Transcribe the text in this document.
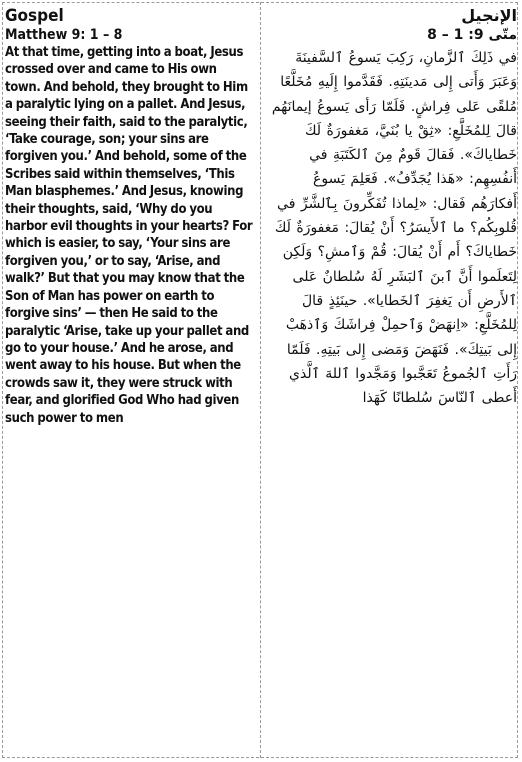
Gospel
Matthew 9: 1 – 8

At that time, getting into a boat, Jesus crossed over and came to His own town. And behold, they brought to Him a paralytic lying on a pallet. And Jesus, seeing their faith, said to the paralytic, ‘Take courage, son; your sins are forgiven you.’ And behold, some of the Scribes said within themselves, ‘This Man blasphemes.’ And Jesus, knowing their thoughts, said, ‘Why do you harbor evil thoughts in your hearts? For which is easier, to say, ‘Your sins are forgiven you,’ or to say, ‘Arise, and walk?’ But that you may know that the Son of Man has power on earth to forgive sins’ — then He said to the paralytic ‘Arise, take up your pallet and go to your house.’ And he arose, and went away to his house. But when the crowds saw it, they were struck with fear, and glorified God Who had given such power to men

الإنجيل
متّى 9: 1 – 8

في ذَلِكَ ٱلزَّمانِ، رَكِبَ يَسوعُ ٱلسَّفينَةَ وَعَبَرَ وَأَتى إِلى مَدينَتِهِ. فَقَدَّموا إِلَيهِ مُخَلَّعًا مُلقًى عَلى فِراشٍ. فَلَمّا رَأى يَسوعُ إيمانَهُم قالَ لِلمُخَلَّعِ: «ثِقْ يا بُنَيَّ، مَغفورَةٌ لَكَ خَطاياكَ». فَقالَ قَومٌ مِنَ ٱلكَتَبَةِ في أَنفُسِهِم: «هَذا يُجَدِّفُ». فَعَلِمَ يَسوعُ أَفكارَهُم فَقال: «لِماذا تُفَكِّرونَ بِٱلشَّرِّ في قُلوبِكُم؟ ما ٱلأَيسَرُ؟ أَنْ يُقالَ: مَغفورَةٌ لَكَ خَطاياكَ؟ أَم أَنْ يُقالَ: قُمْ وَٱمشِ؟ وَلَكِن لِتَعلَموا أَنَّ ٱبنَ ٱلبَشَرِ لَهُ سُلطانٌ عَلى ٱلأَرضِ أَن يَغفِرَ ٱلخَطايا». حينَئِذٍ قالَ لِلمُخَلَّعِ: «اِنهَضْ وَٱحمِلْ فِراشَكَ وَٱذهَبْ إِلى بَيتِكَ». فَنَهَضَ وَمَضى إِلى بَيتِهِ. فَلَمّا رَأَتِ ٱلجُموعُ تَعَجَّبوا وَمَجَّدوا ٱللهَ ٱلَّذي أَعطى ٱلنّاسَ سُلطانًا كَهَذا
